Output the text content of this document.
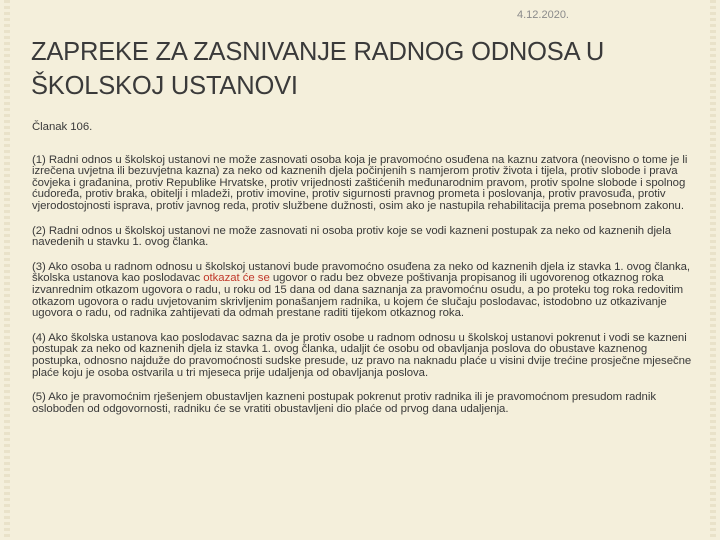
4.12.2020.
ZAPREKE ZA ZASNIVANJE RADNOG ODNOSA U ŠKOLSKOJ USTANOVI

Članak 106.

(1) Radni odnos u školskoj ustanovi ne može zasnovati osoba koja je pravomoćno osuđena na kaznu zatvora (neovisno o tome je li izrečena uvjetna ili bezuvjetna kazna) za neko od kaznenih djela počinjenih s namjerom protiv života i tijela, protiv slobode i prava čovjeka i građanina, protiv Republike Hrvatske, protiv vrijednosti zaštićenih međunarodnim pravom, protiv spolne slobode i spolnog ćudoređa, protiv braka, obitelji i mladeži, protiv imovine, protiv sigurnosti pravnog prometa i poslovanja, protiv pravosuđa, protiv vjerodostojnosti isprava, protiv javnog reda, protiv službene dužnosti, osim ako je nastupila rehabilitacija prema posebnom zakonu.

(2) Radni odnos u školskoj ustanovi ne može zasnovati ni osoba protiv koje se vodi kazneni postupak za neko od kaznenih djela navedenih u stavku 1. ovog članka.

(3) Ako osoba u radnom odnosu u školskoj ustanovi bude pravomoćno osuđena za neko od kaznenih djela iz stavka 1. ovog članka, školska ustanova kao poslodavac otkazat će se ugovor o radu bez obveze poštivanja propisanog ili ugovorenog otkaznog roka izvanrednim otkazom ugovora o radu, u roku od 15 dana od dana saznanja za pravomoćnu osudu, a po proteku tog roka redovitim otkazom ugovora o radu uvjetovanim skrivljenim ponašanjem radnika, u kojem će slučaju poslodavac, istodobno uz otkazivanje ugovora o radu, od radnika zahtijevati da odmah prestane raditi tijekom otkaznog roka.

(4) Ako školska ustanova kao poslodavac sazna da je protiv osobe u radnom odnosu u školskoj ustanovi pokrenut i vodi se kazneni postupak za neko od kaznenih djela iz stavka 1. ovog članka, udaljit će osobu od obavljanja poslova do obustave kaznenog postupka, odnosno najduže do pravomoćnosti sudske presude, uz pravo na naknadu plaće u visini dvije trećine prosječne mjesečne plaće koju je osoba ostvarila u tri mjeseca prije udaljenja od obavljanja poslova.

(5) Ako je pravomoćnim rješenjem obustavljen kazneni postupak pokrenut protiv radnika ili je pravomoćnom presudom radnik oslobođen od odgovornosti, radniku će se vratiti obustavljeni dio plaće od prvog dana udaljenja.
